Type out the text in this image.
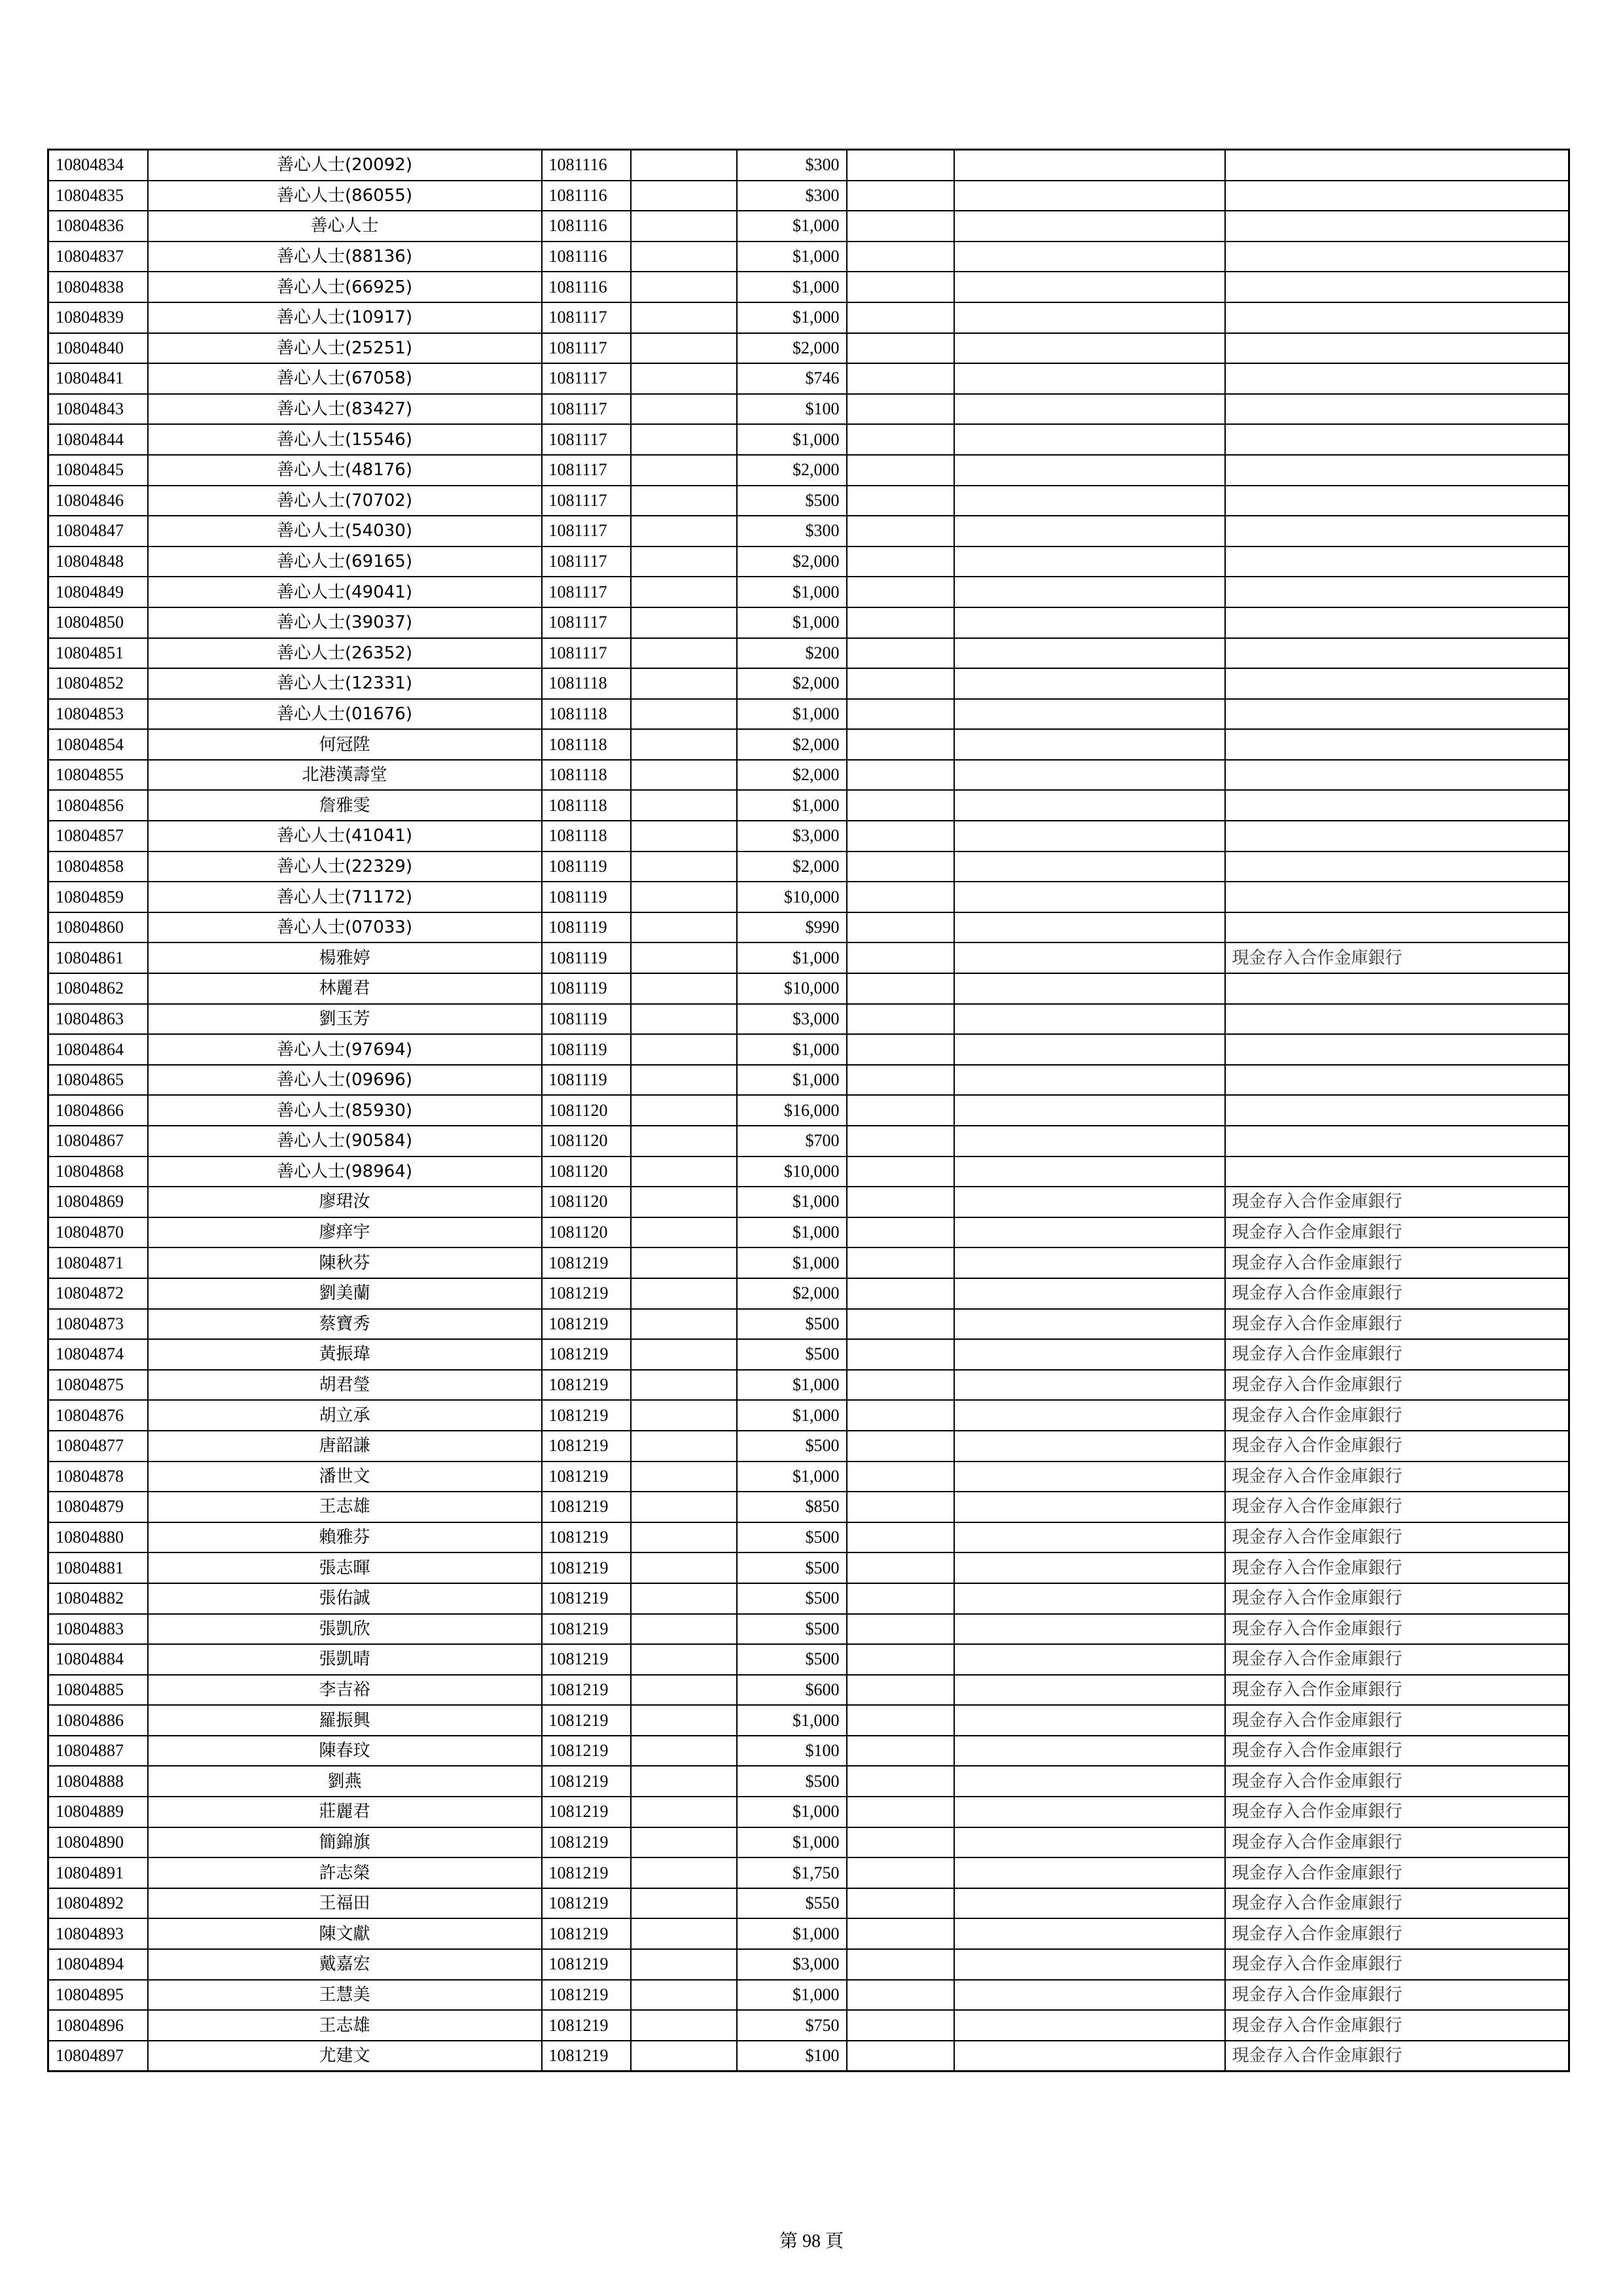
10804834	善心人士(20092)	1081116		$300			
10804835	善心人士(86055)	1081116		$300			
10804836	善心人士	1081116		$1,000			
10804837	善心人士(88136)	1081116		$1,000			
10804838	善心人士(66925)	1081116		$1,000			
10804839	善心人士(10917)	1081117		$1,000			
10804840	善心人士(25251)	1081117		$2,000			
10804841	善心人士(67058)	1081117		$746			
10804843	善心人士(83427)	1081117		$100			
10804844	善心人士(15546)	1081117		$1,000			
10804845	善心人士(48176)	1081117		$2,000			
10804846	善心人士(70702)	1081117		$500			
10804847	善心人士(54030)	1081117		$300			
10804848	善心人士(69165)	1081117		$2,000			
10804849	善心人士(49041)	1081117		$1,000			
10804850	善心人士(39037)	1081117		$1,000			
10804851	善心人士(26352)	1081117		$200			
10804852	善心人士(12331)	1081118		$2,000			
10804853	善心人士(01676)	1081118		$1,000			
10804854	何冠陞	1081118		$2,000			
10804855	北港漢壽堂	1081118		$2,000			
10804856	詹雅雯	1081118		$1,000			
10804857	善心人士(41041)	1081118		$3,000			
10804858	善心人士(22329)	1081119		$2,000			
10804859	善心人士(71172)	1081119		$10,000			
10804860	善心人士(07033)	1081119		$990			
10804861	楊雅婷	1081119		$1,000			現金存入合作金庫銀行
10804862	林麗君	1081119		$10,000			
10804863	劉玉芳	1081119		$3,000			
10804864	善心人士(97694)	1081119		$1,000			
10804865	善心人士(09696)	1081119		$1,000			
10804866	善心人士(85930)	1081120		$16,000			
10804867	善心人士(90584)	1081120		$700			
10804868	善心人士(98964)	1081120		$10,000			
10804869	廖珺汝	1081120		$1,000			現金存入合作金庫銀行
10804870	廖痒宇	1081120		$1,000			現金存入合作金庫銀行
10804871	陳秋芬	1081219		$1,000			現金存入合作金庫銀行
10804872	劉美蘭	1081219		$2,000			現金存入合作金庫銀行
10804873	蔡寶秀	1081219		$500			現金存入合作金庫銀行
10804874	黃振瑋	1081219		$500			現金存入合作金庫銀行
10804875	胡君瑩	1081219		$1,000			現金存入合作金庫銀行
10804876	胡立承	1081219		$1,000			現金存入合作金庫銀行
10804877	唐韶謙	1081219		$500			現金存入合作金庫銀行
10804878	潘世文	1081219		$1,000			現金存入合作金庫銀行
10804879	王志雄	1081219		$850			現金存入合作金庫銀行
10804880	賴雅芬	1081219		$500			現金存入合作金庫銀行
10804881	張志暉	1081219		$500			現金存入合作金庫銀行
10804882	張佑誠	1081219		$500			現金存入合作金庫銀行
10804883	張凱欣	1081219		$500			現金存入合作金庫銀行
10804884	張凱晴	1081219		$500			現金存入合作金庫銀行
10804885	李吉裕	1081219		$600			現金存入合作金庫銀行
10804886	羅振興	1081219		$1,000			現金存入合作金庫銀行
10804887	陳春玟	1081219		$100			現金存入合作金庫銀行
10804888	劉燕	1081219		$500			現金存入合作金庫銀行
10804889	莊麗君	1081219		$1,000			現金存入合作金庫銀行
10804890	簡錦旗	1081219		$1,000			現金存入合作金庫銀行
10804891	許志榮	1081219		$1,750			現金存入合作金庫銀行
10804892	王福田	1081219		$550			現金存入合作金庫銀行
10804893	陳文獻	1081219		$1,000			現金存入合作金庫銀行
10804894	戴嘉宏	1081219		$3,000			現金存入合作金庫銀行
10804895	王慧美	1081219		$1,000			現金存入合作金庫銀行
10804896	王志雄	1081219		$750			現金存入合作金庫銀行
10804897	尤建文	1081219		$100			現金存入合作金庫銀行
第 98 頁
